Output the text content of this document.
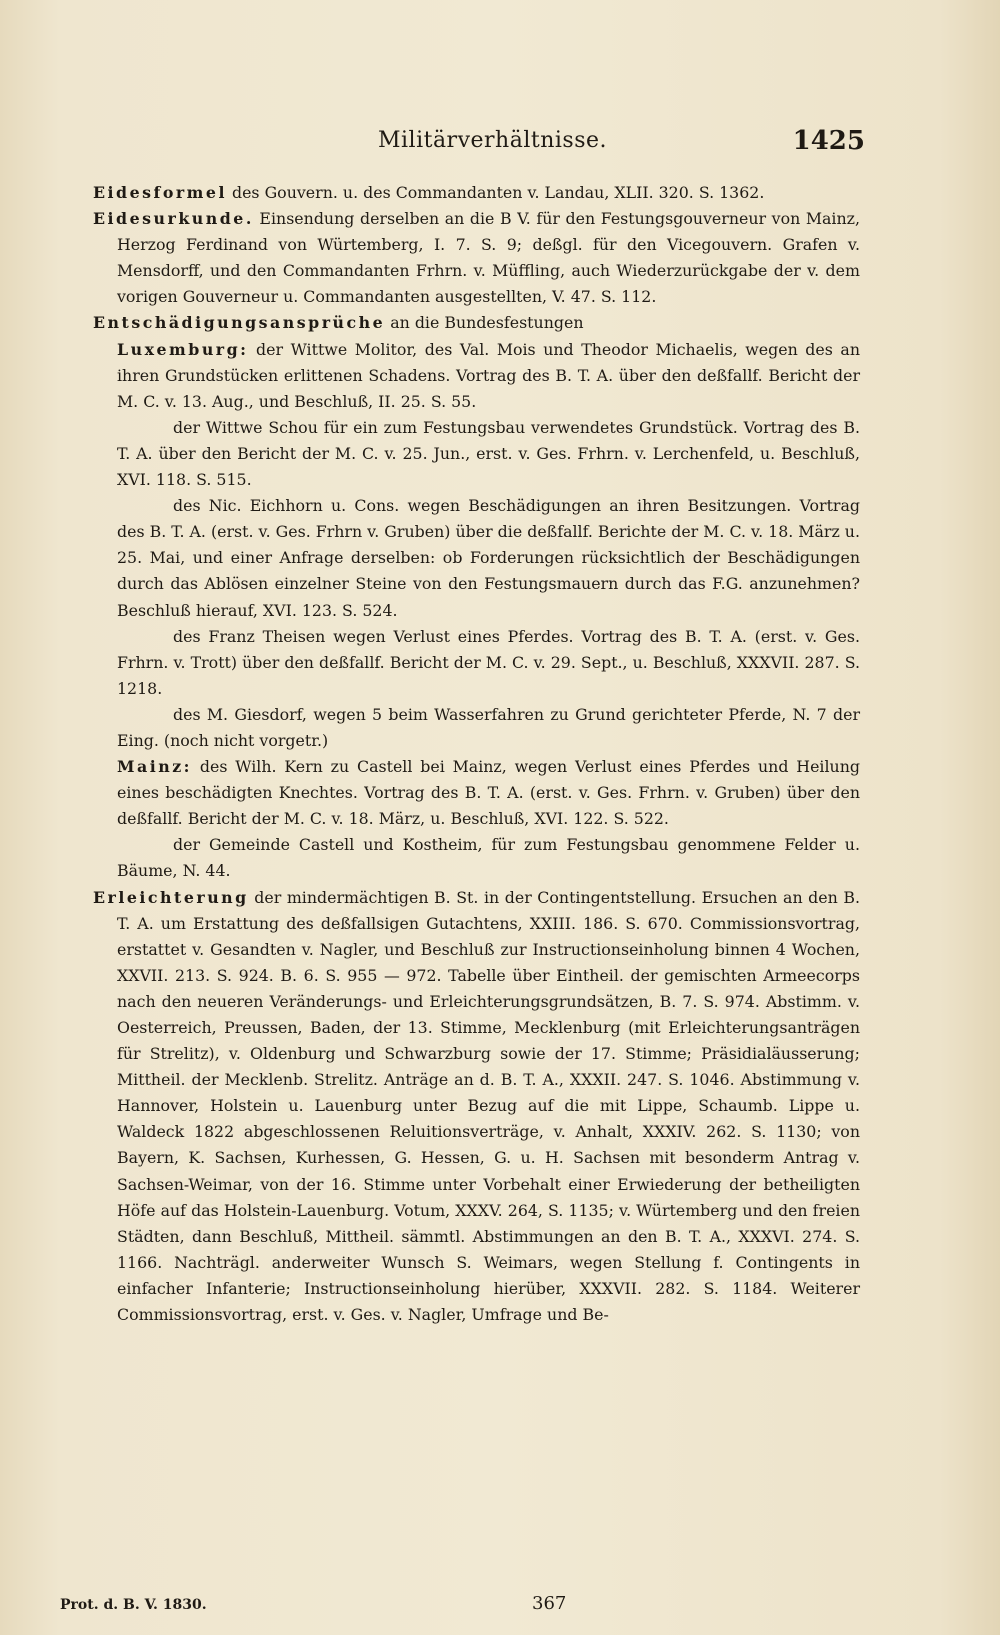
Militärverhältnisse.	1425

Eidesformel des Gouvern. u. des Commandanten v. Landau, XLII. 320. S. 1362.

Eidesurkunde. Einsendung derselben an die B V. für den Festungsgouverneur von Mainz, Herzog Ferdinand von Würtemberg, I. 7. S. 9; deßgl. für den Vicegouvern. Grafen v. Mensdorff, und den Commandanten Frhrn. v. Müffling, auch Wiederzurückgabe der v. dem vorigen Gouverneur u. Commandanten ausgestellten, V. 47. S. 112.

Entschädigungsansprüche an die Bundesfestungen

Luxemburg: der Wittwe Molitor, des Val. Mois und Theodor Michaelis, wegen des an ihren Grundstücken erlittenen Schadens. Vortrag des B. T. A. über den deßfallf. Bericht der M. C. v. 13. Aug., und Beschluß, II. 25. S. 55.

der Wittwe Schou für ein zum Festungsbau verwendetes Grundstück. Vortrag des B. T. A. über den Bericht der M. C. v. 25. Jun., erst. v. Ges. Frhrn. v. Lerchenfeld, u. Beschluß, XVI. 118. S. 515.

des Nic. Eichhorn u. Cons. wegen Beschädigungen an ihren Besitzungen. Vortrag des B. T. A. (erst. v. Ges. Frhrn v. Gruben) über die deßfallf. Berichte der M. C. v. 18. März u. 25. Mai, und einer Anfrage derselben: ob Forderungen rücksichtlich der Beschädigungen durch das Ablösen einzelner Steine von den Festungsmauern durch das F.G. anzunehmen? Beschluß hierauf, XVI. 123. S. 524.

des Franz Theisen wegen Verlust eines Pferdes. Vortrag des B. T. A. (erst. v. Ges. Frhrn. v. Trott) über den deßfallf. Bericht der M. C. v. 29. Sept., u. Beschluß, XXXVII. 287. S. 1218.

des M. Giesdorf, wegen 5 beim Wasserfahren zu Grund gerichteter Pferde, N. 7 der Eing. (noch nicht vorgetr.)

Mainz: des Wilh. Kern zu Castell bei Mainz, wegen Verlust eines Pferdes und Heilung eines beschädigten Knechtes. Vortrag des B. T. A. (erst. v. Ges. Frhrn. v. Gruben) über den deßfallf. Bericht der M. C. v. 18. März, u. Beschluß, XVI. 122. S. 522.

der Gemeinde Castell und Kostheim, für zum Festungsbau genommene Felder u. Bäume, N. 44.

Erleichterung der mindermächtigen B. St. in der Contingentstellung. Ersuchen an den B. T. A. um Erstattung des deßfallsigen Gutachtens, XXIII. 186. S. 670. Commissionsvortrag, erstattet v. Gesandten v. Nagler, und Beschluß zur Instructionseinholung binnen 4 Wochen, XXVII. 213. S. 924. B. 6. S. 955 — 972. Tabelle über Eintheil. der gemischten Armeecorps nach den neueren Veränderungs- und Erleichterungsgrundsätzen, B. 7. S. 974. Abstimm. v. Oesterreich, Preussen, Baden, der 13. Stimme, Mecklenburg (mit Erleichterungsanträgen für Strelitz), v. Oldenburg und Schwarzburg sowie der 17. Stimme; Präsidialäusserung; Mittheil. der Mecklenb. Strelitz. Anträge an d. B. T. A., XXXII. 247. S. 1046. Abstimmung v. Hannover, Holstein u. Lauenburg unter Bezug auf die mit Lippe, Schaumb. Lippe u. Waldeck 1822 abgeschlossenen Reluitionsverträge, v. Anhalt, XXXIV. 262. S. 1130; von Bayern, K. Sachsen, Kurhessen, G. Hessen, G. u. H. Sachsen mit besonderm Antrag v. Sachsen-Weimar, von der 16. Stimme unter Vorbehalt einer Erwiederung der betheiligten Höfe auf das Holstein-Lauenburg. Votum, XXXV. 264, S. 1135; v. Würtemberg und den freien Städten, dann Beschluß, Mittheil. sämmtl. Abstimmungen an den B. T. A., XXXVI. 274. S. 1166. Nachträgl. anderweiter Wunsch S. Weimars, wegen Stellung f. Contingents in einfacher Infanterie; Instructionseinholung hierüber, XXXVII. 282. S. 1184. Weiterer Commissionsvortrag, erst. v. Ges. v. Nagler, Umfrage und Be-

Prot. d. B. V. 1830.	367
